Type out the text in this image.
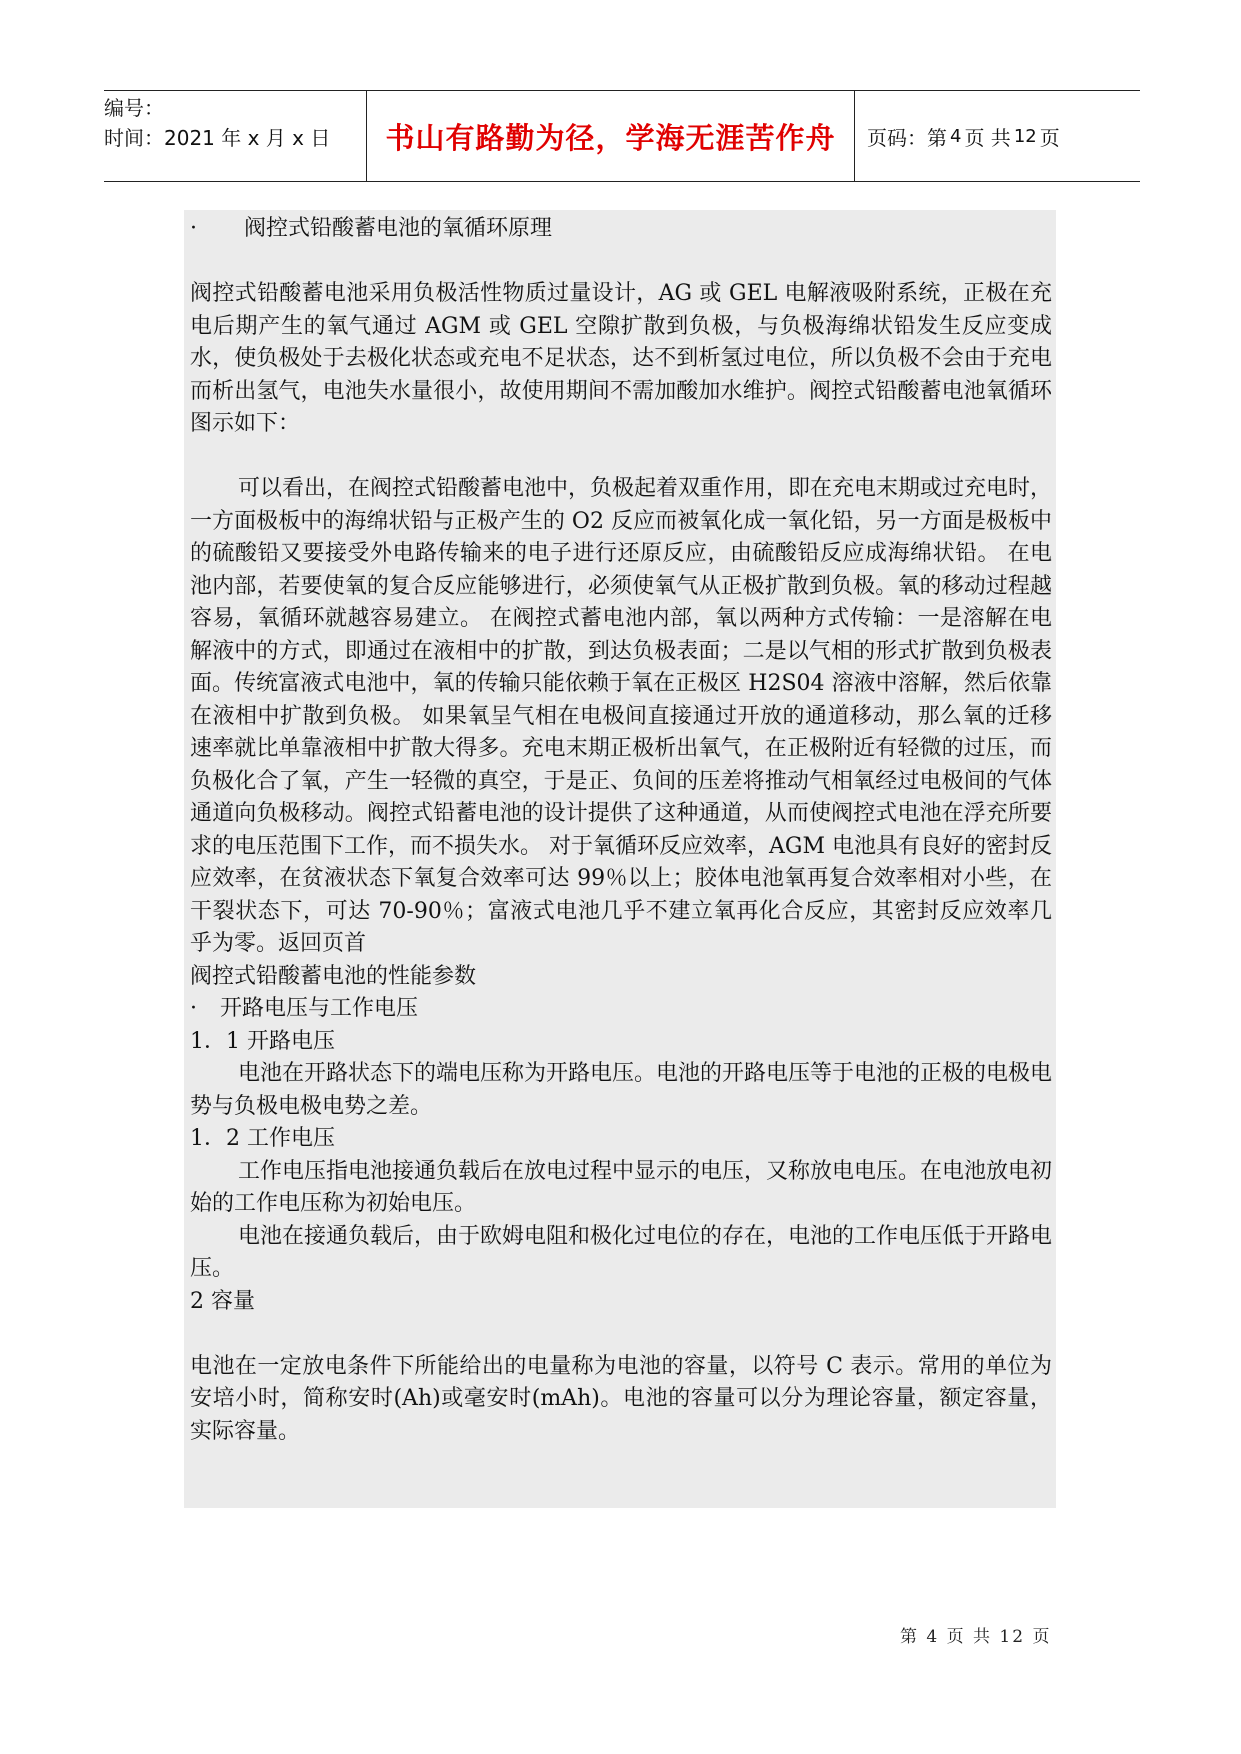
编号：
时间：2021 年 x 月 x 日	书山有路勤为径，学海无涯苦作舟	页码：第 4 页 共 12 页

· 阀控式铅酸蓄电池的氧循环原理

阀控式铅酸蓄电池采用负极活性物质过量设计，AG 或 GEL 电解液吸附系统，正极在充电后期产生的氧气通过 AGM 或 GEL 空隙扩散到负极，与负极海绵状铅发生反应变成水，使负极处于去极化状态或充电不足状态，达不到析氢过电位，所以负极不会由于充电而析出氢气，电池失水量很小，故使用期间不需加酸加水维护。阀控式铅酸蓄电池氧循环图示如下：

可以看出，在阀控式铅酸蓄电池中，负极起着双重作用，即在充电末期或过充电时，一方面极板中的海绵状铅与正极产生的 O2 反应而被氧化成一氧化铅，另一方面是极板中的硫酸铅又要接受外电路传输来的电子进行还原反应，由硫酸铅反应成海绵状铅。 在电池内部，若要使氧的复合反应能够进行，必须使氧气从正极扩散到负极。氧的移动过程越容易，氧循环就越容易建立。 在阀控式蓄电池内部，氧以两种方式传输：一是溶解在电解液中的方式，即通过在液相中的扩散，到达负极表面；二是以气相的形式扩散到负极表面。传统富液式电池中，氧的传输只能依赖于氧在正极区 H2S04 溶液中溶解，然后依靠在液相中扩散到负极。 如果氧呈气相在电极间直接通过开放的通道移动，那么氧的迁移速率就比单靠液相中扩散大得多。充电末期正极析出氧气，在正极附近有轻微的过压，而负极化合了氧，产生一轻微的真空，于是正、负间的压差将推动气相氧经过电极间的气体通道向负极移动。阀控式铅蓄电池的设计提供了这种通道，从而使阀控式电池在浮充所要求的电压范围下工作，而不损失水。 对于氧循环反应效率，AGM 电池具有良好的密封反应效率，在贫液状态下氧复合效率可达 99％以上；胶体电池氧再复合效率相对小些，在干裂状态下，可达 70-90％；富液式电池几乎不建立氧再化合反应，其密封反应效率几乎为零。返回页首

阀控式铅酸蓄电池的性能参数

· 开路电压与工作电压

1．1 开路电压

电池在开路状态下的端电压称为开路电压。电池的开路电压等于电池的正极的电极电势与负极电极电势之差。

1．2 工作电压

工作电压指电池接通负载后在放电过程中显示的电压，又称放电电压。在电池放电初始的工作电压称为初始电压。

电池在接通负载后，由于欧姆电阻和极化过电位的存在，电池的工作电压低于开路电压。

2 容量

电池在一定放电条件下所能给出的电量称为电池的容量，以符号 C 表示。常用的单位为安培小时，简称安时(Ah)或毫安时(mAh)。电池的容量可以分为理论容量，额定容量，实际容量。

第 4 页 共 12 页
